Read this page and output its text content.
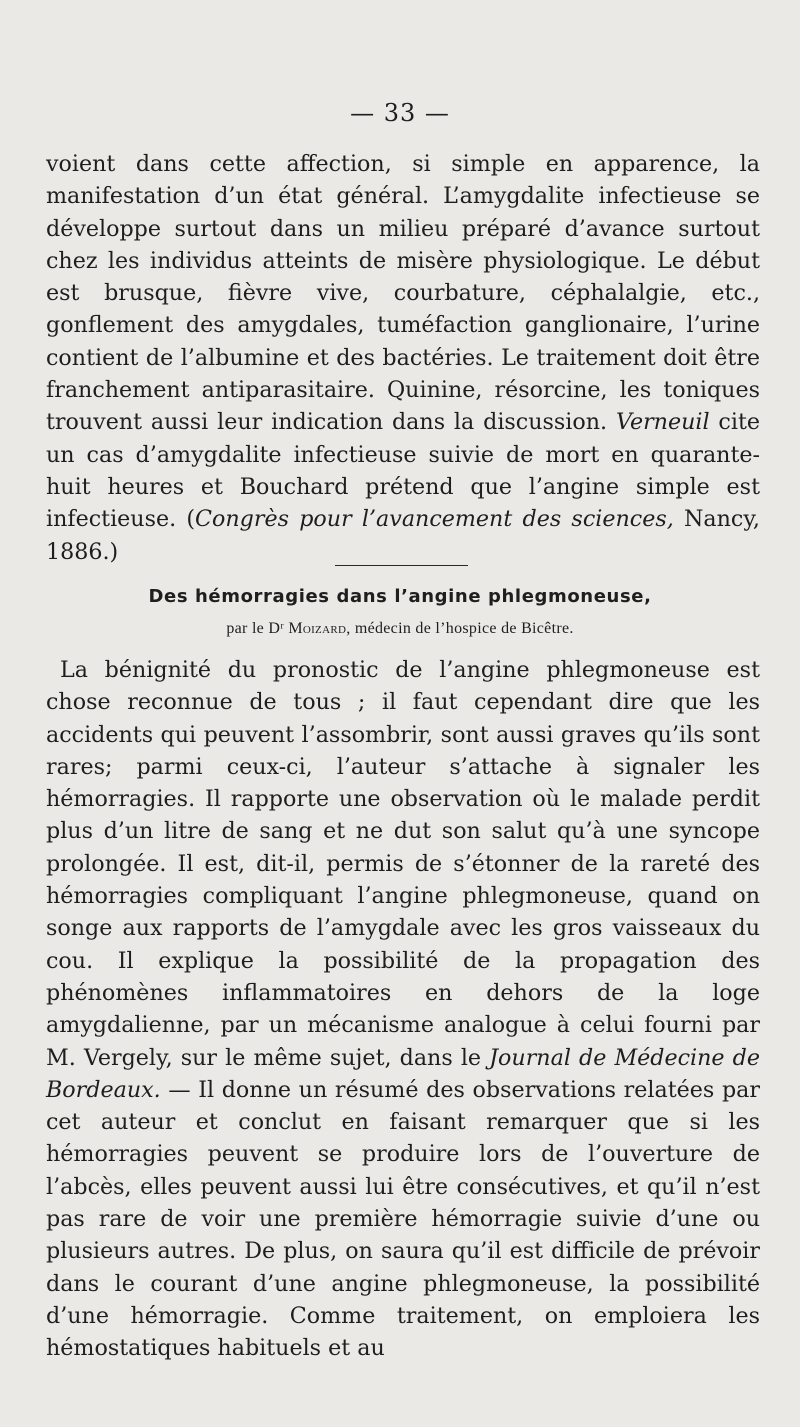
— 33 —

voient dans cette affection, si simple en apparence, la manifestation d’un état général. L’amygdalite infectieuse se développe surtout dans un milieu préparé d’avance surtout chez les individus atteints de misère physiologique. Le début est brusque, fièvre vive, courbature, céphalalgie, etc., gonflement des amygdales, tuméfaction ganglionaire, l’urine contient de l’albumine et des bactéries. Le traitement doit être franchement antiparasitaire. Quinine, résorcine, les toniques trouvent aussi leur indication dans la discussion. Verneuil cite un cas d’amygdalite infectieuse suivie de mort en quarante-huit heures et Bouchard prétend que l’angine simple est infectieuse. (Congrès pour l’avancement des sciences, Nancy, 1886.)

Des hémorragies dans l’angine phlegmoneuse,
par le Dʳ Moizard, médecin de l’hospice de Bicêtre.

La bénignité du pronostic de l’angine phlegmoneuse est chose reconnue de tous ; il faut cependant dire que les accidents qui peuvent l’assombrir, sont aussi graves qu’ils sont rares; parmi ceux-ci, l’auteur s’attache à signaler les hémorragies. Il rapporte une observation où le malade perdit plus d’un litre de sang et ne dut son salut qu’à une syncope prolongée. Il est, dit-il, permis de s’étonner de la rareté des hémorragies compliquant l’angine phlegmoneuse, quand on songe aux rapports de l’amygdale avec les gros vaisseaux du cou. Il explique la possibilité de la propagation des phénomènes inflammatoires en dehors de la loge amygdalienne, par un mécanisme analogue à celui fourni par M. Vergely, sur le même sujet, dans le Journal de Médecine de Bordeaux. — Il donne un résumé des observations relatées par cet auteur et conclut en faisant remarquer que si les hémorragies peuvent se produire lors de l’ouverture de l’abcès, elles peuvent aussi lui être consécutives, et qu’il n’est pas rare de voir une première hémorragie suivie d’une ou plusieurs autres. De plus, on saura qu’il est difficile de prévoir dans le courant d’une angine phlegmoneuse, la possibilité d’une hémorragie. Comme traitement, on emploiera les hémostatiques habituels et au
